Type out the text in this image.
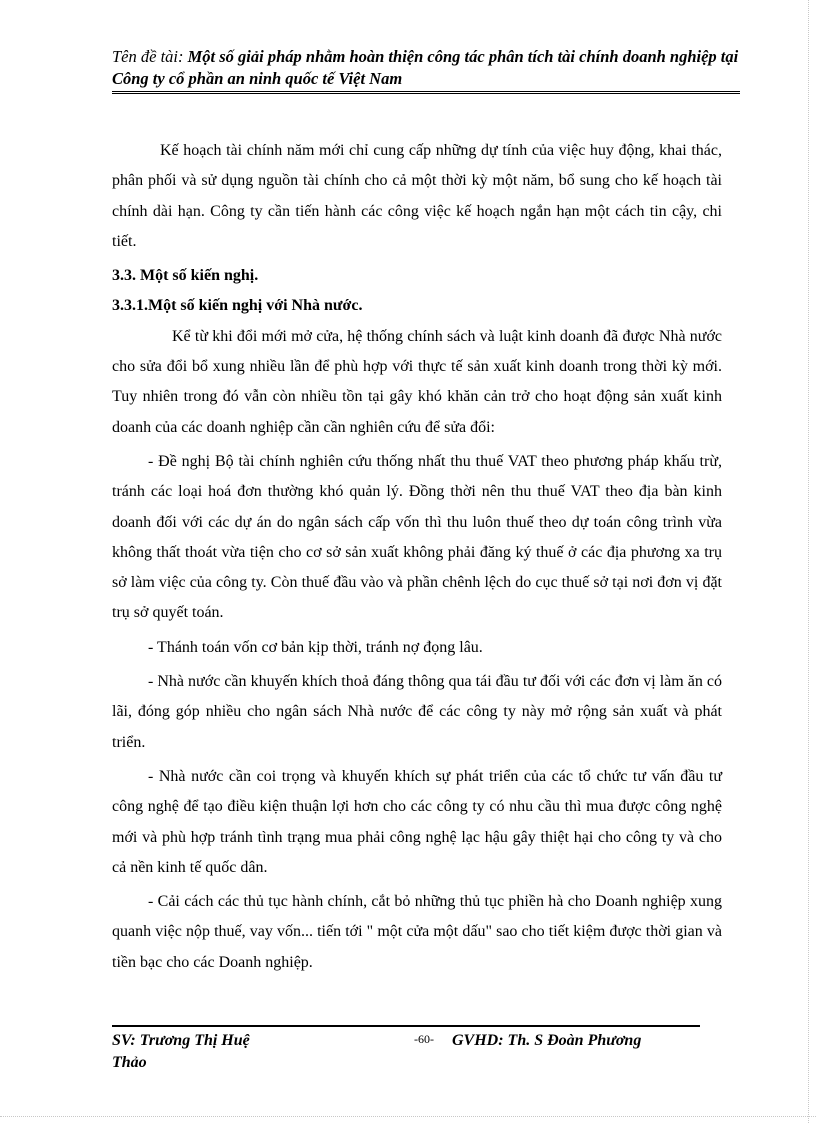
Tên đề tài: Một số giải pháp nhằm hoàn thiện công tác phân tích tài chính doanh nghiệp tại Công ty cổ phần an ninh quốc tế Việt Nam

Kế hoạch tài chính năm mới chỉ cung cấp những dự tính của việc huy động, khai thác, phân phối và sử dụng nguồn tài chính cho cả một thời kỳ một năm, bổ sung cho kế hoạch tài chính dài hạn. Công ty cần tiến hành các công việc kế hoạch ngắn hạn một cách tin cậy, chi tiết.

3.3. Một số kiến nghị.
3.3.1.Một số kiến nghị với Nhà nước.

Kể từ khi đổi mới mở cửa, hệ thống chính sách và luật kinh doanh đã được Nhà nước cho sửa đổi bổ xung nhiều lần để phù hợp với thực tế sản xuất kinh doanh trong thời kỳ mới. Tuy nhiên trong đó vẫn còn nhiều tồn tại gây khó khăn cản trở cho hoạt động sản xuất kinh doanh của các doanh nghiệp cần cần nghiên cứu để sửa đổi:

- Đề nghị Bộ tài chính nghiên cứu thống nhất thu thuế VAT theo phương pháp khấu trừ, tránh các loại hoá đơn thường khó quản lý. Đồng thời nên thu thuế VAT theo địa bàn kinh doanh đối với các dự án do ngân sách cấp vốn thì thu luôn thuế theo dự toán công trình vừa không thất thoát vừa tiện cho cơ sở sản xuất không phải đăng ký thuế ở các địa phương xa trụ sở làm việc của công ty. Còn thuế đầu vào và phần chênh lệch do cục thuế sở tại nơi đơn vị đặt trụ sở quyết toán.

- Thánh toán vốn cơ bản kịp thời, tránh nợ đọng lâu.

- Nhà nước cần khuyến khích thoả đáng thông qua tái đầu tư đối với các đơn vị làm ăn có lãi, đóng góp nhiều cho ngân sách Nhà nước để các công ty này mở rộng sản xuất và phát triển.

- Nhà nước cần coi trọng và khuyến khích sự phát triển của các tổ chức tư vấn đầu tư công nghệ để tạo điều kiện thuận lợi hơn cho các công ty có nhu cầu thì mua được công nghệ mới và phù hợp tránh tình trạng mua phải công nghệ lạc hậu gây thiệt hại cho công ty và cho cả nền kinh tế quốc dân.

- Cải cách các thủ tục hành chính, cắt bỏ những thủ tục phiền hà cho Doanh nghiệp xung quanh việc nộp thuế, vay vốn... tiến tới " một cửa một dấu" sao cho tiết kiệm được thời gian và tiền bạc cho các Doanh nghiệp.

SV: Trương Thị Huệ Thảo
-60- GVHD: Th. S Đoàn Phương
